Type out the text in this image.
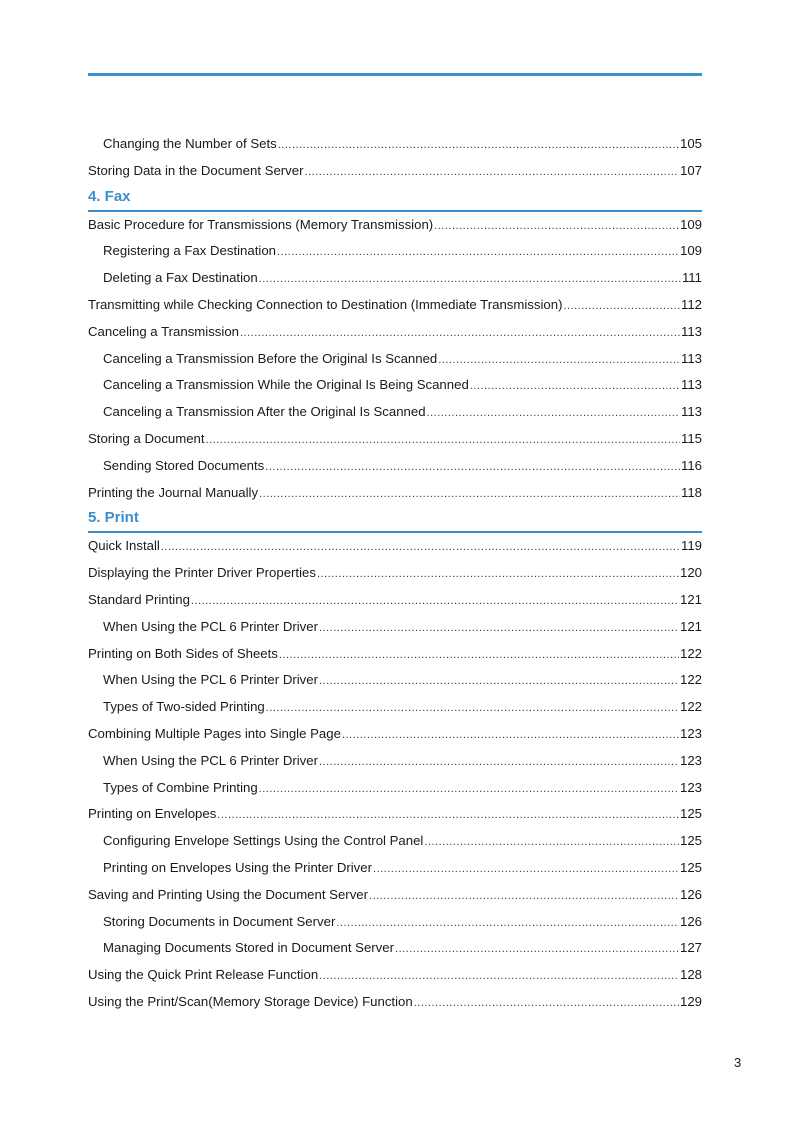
Changing the Number of Sets .....	105
Storing Data in the Document Server .....	107
4. Fax
Basic Procedure for Transmissions (Memory Transmission) .....	109
Registering a Fax Destination .....	109
Deleting a Fax Destination .....	111
Transmitting while Checking Connection to Destination (Immediate Transmission) .....	112
Canceling a Transmission .....	113
Canceling a Transmission Before the Original Is Scanned .....	113
Canceling a Transmission While the Original Is Being Scanned .....	113
Canceling a Transmission After the Original Is Scanned .....	113
Storing a Document .....	115
Sending Stored Documents .....	116
Printing the Journal Manually .....	118
5. Print
Quick Install .....	119
Displaying the Printer Driver Properties .....	120
Standard Printing .....	121
When Using the PCL 6 Printer Driver .....	121
Printing on Both Sides of Sheets .....	122
When Using the PCL 6 Printer Driver .....	122
Types of Two-sided Printing .....	122
Combining Multiple Pages into Single Page .....	123
When Using the PCL 6 Printer Driver .....	123
Types of Combine Printing .....	123
Printing on Envelopes .....	125
Configuring Envelope Settings Using the Control Panel .....	125
Printing on Envelopes Using the Printer Driver .....	125
Saving and Printing Using the Document Server .....	126
Storing Documents in Document Server .....	126
Managing Documents Stored in Document Server .....	127
Using the Quick Print Release Function .....	128
Using the Print/Scan(Memory Storage Device) Function .....	129
3
